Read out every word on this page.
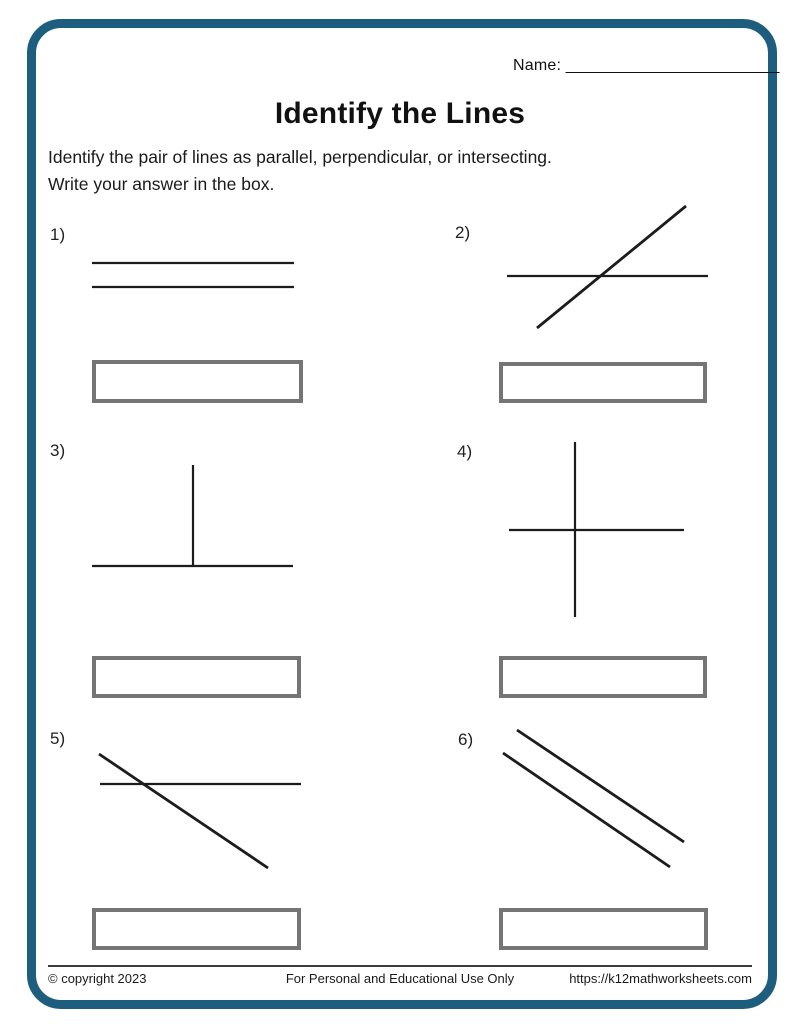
Name: ________________________
Identify the Lines
Identify the pair of lines as parallel, perpendicular, or intersecting.
Write your answer in the box.
1)	2)
3)	4)
5)	6)
© copyright 2023	For Personal and Educational Use Only	https://k12mathworksheets.com
